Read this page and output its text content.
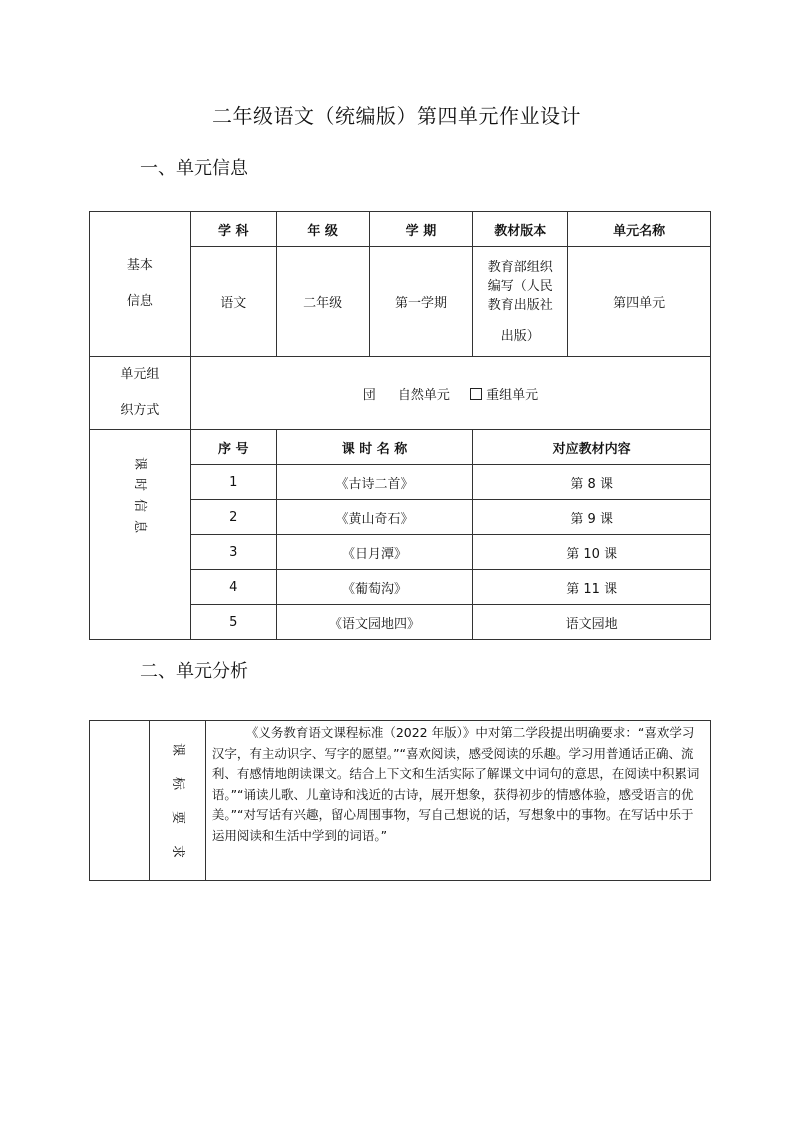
二年级语文（统编版）第四单元作业设计
一、单元信息
基本
信息	学 科	年 级	学 期	教材版本	单元名称
	语文	二年级	第一学期	教育部组织
编写（人民
教育出版社
出版）	第四单元

单元组
织方式	団 自然单元 重组单元				

课
时
信
息	序 号	课 时 名 称		对应教材内容	
	1	《古诗二首》		第 8 课	
	2	《黄山奇石》		第 9 课	
	3	《日月潭》		第 10 课	
	4	《葡萄沟》		第 11 课	
	5	《语文园地四》		语文园地	
二、单元分析

课
标
要
求
	《义务教育语文课程标准（2022 年版）》中对第二学段提出明确要求：“喜欢学习汉字，有主动识字、写字的愿望。”“喜欢阅读，感受阅读的乐趣。学习用普通话正确、流利、有感情地朗读课文。结合上下文和生活实际了解课文中词句的意思，在阅读中积累词语。”“诵读儿歌、儿童诗和浅近的古诗，展开想象，获得初步的情感体验，感受语言的优美。”“对写话有兴趣，留心周围事物，写自己想说的话，写想象中的事物。在写话中乐于运用阅读和生活中学到的词语。”
